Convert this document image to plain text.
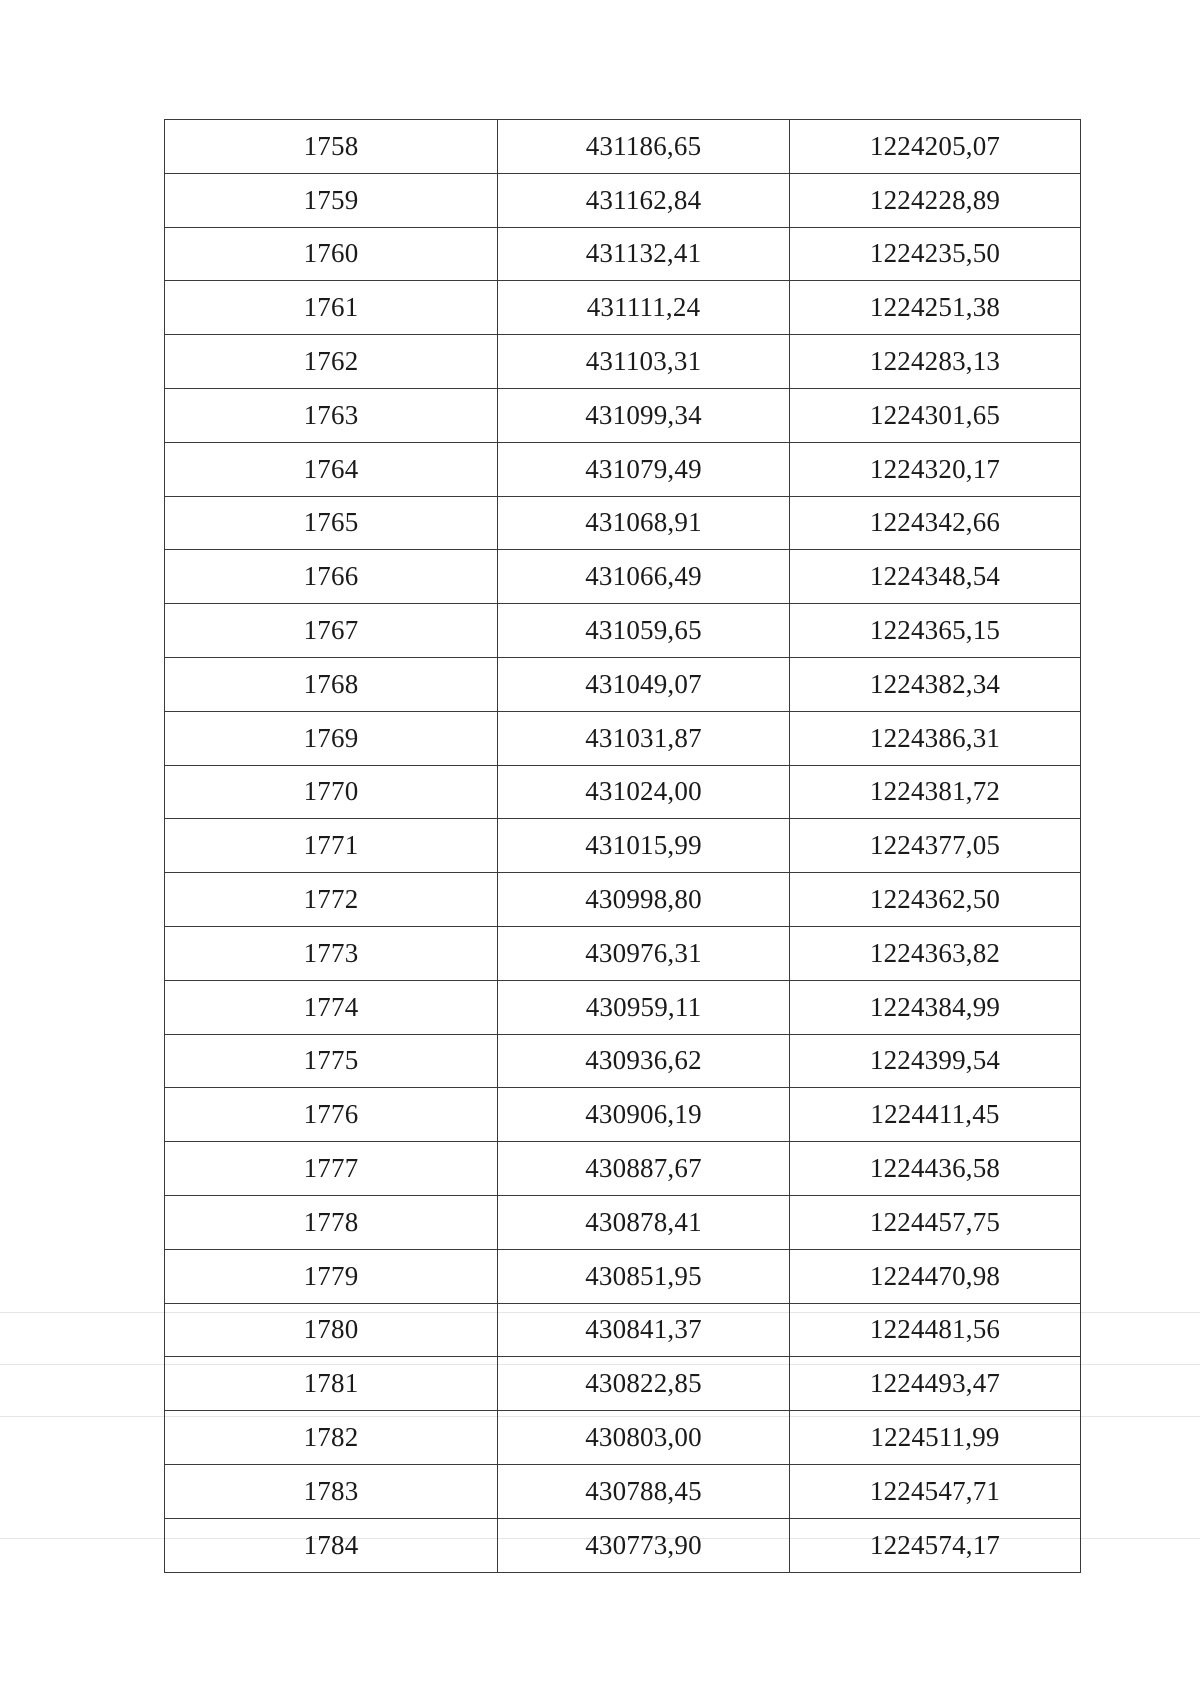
1758	431186,65	1224205,07
1759	431162,84	1224228,89
1760	431132,41	1224235,50
1761	431111,24	1224251,38
1762	431103,31	1224283,13
1763	431099,34	1224301,65
1764	431079,49	1224320,17
1765	431068,91	1224342,66
1766	431066,49	1224348,54
1767	431059,65	1224365,15
1768	431049,07	1224382,34
1769	431031,87	1224386,31
1770	431024,00	1224381,72
1771	431015,99	1224377,05
1772	430998,80	1224362,50
1773	430976,31	1224363,82
1774	430959,11	1224384,99
1775	430936,62	1224399,54
1776	430906,19	1224411,45
1777	430887,67	1224436,58
1778	430878,41	1224457,75
1779	430851,95	1224470,98
1780	430841,37	1224481,56
1781	430822,85	1224493,47
1782	430803,00	1224511,99
1783	430788,45	1224547,71
1784	430773,90	1224574,17
